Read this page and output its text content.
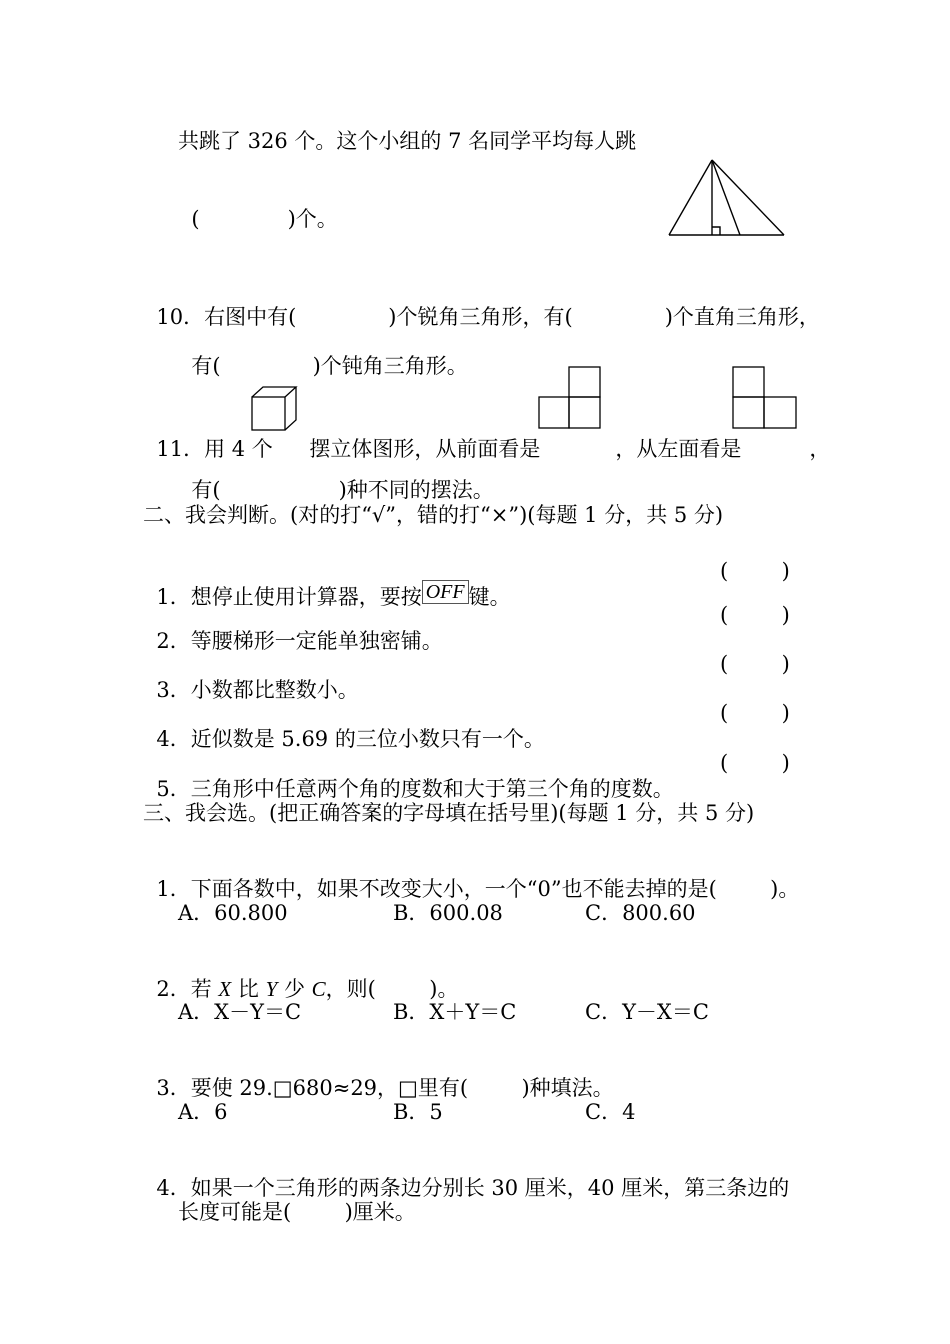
共跳了 326 个。这个小组的 7 名同学平均每人跳

(	)个。

10．右图中有(	)个锐角三角形，有(	)个直角三角形，

有(	)个钝角三角形。

11．用 4 个	摆立体图形，从前面看是	，从左面看是	，

有(	)种不同的摆法。

二、我会判断。(对的打“√”，错的打“×”)(每题 1 分，共 5 分)

1．想停止使用计算器，要按 OFF 键。

(        )

2．等腰梯形一定能单独密铺。

(        )

3．小数都比整数小。

(        )

4．近似数是 5.69 的三位小数只有一个。

(        )

5．三角形中任意两个角的度数和大于第三个角的度数。

(        )
三、我会选。(把正确答案的字母填在括号里)(每题 1 分，共 5 分)

1．下面各数中，如果不改变大小，一个“0”也不能去掉的是(        )。

A．60.800	B．600.08	C．800.60

2．若 X 比 Y 少 C，则(        )。

A．X－Y＝C	B．X＋Y＝C	C．Y－X＝C

3．要使 29.□680≈29，□里有(        )种填法。

A．6	B．5	C．4

4．如果一个三角形的两条边分别长 30 厘米，40 厘米，第三条边的

长度可能是(        )厘米。
